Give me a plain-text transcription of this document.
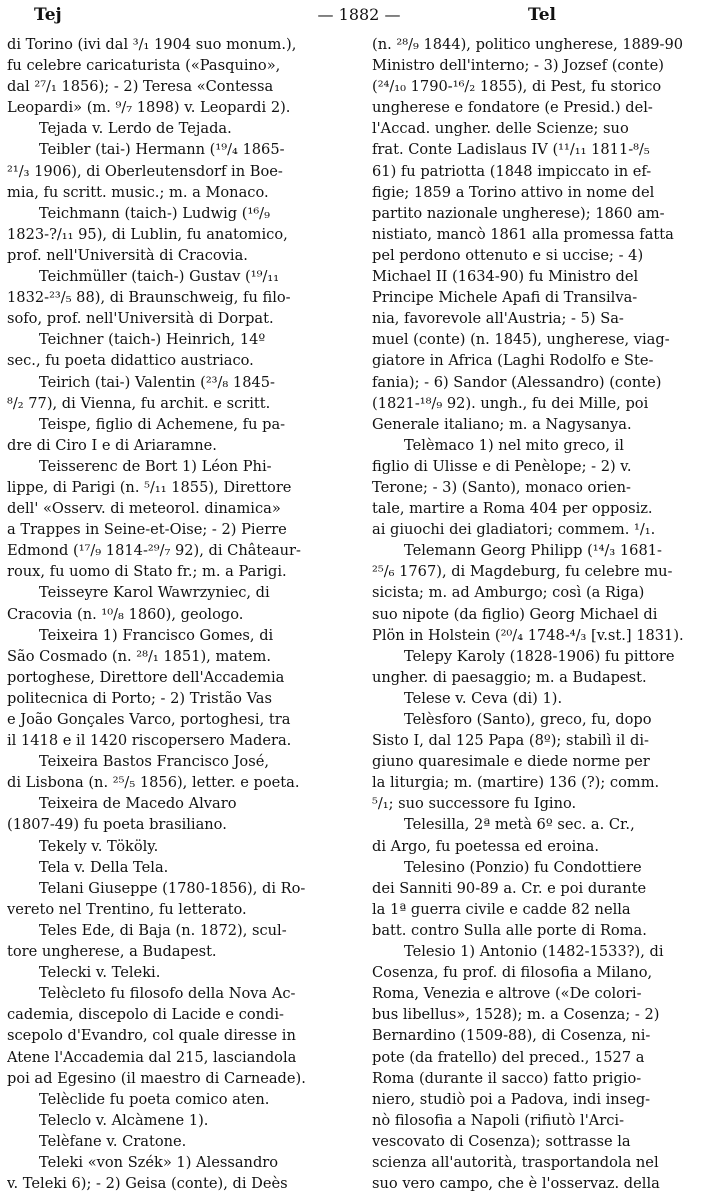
Tej	— 1882 —	Tel
di Torino (ivi dal ³/₁ 1904 suo monum.),
fu celebre caricaturista («Pasquino»,
dal ²⁷/₁ 1856); - 2) Teresa «Contessa
Leopardi» (m. ⁹/₇ 1898) v. Leopardi 2).
Tejada v. Lerdo de Tejada.
Teibler (tai-) Hermann (¹⁹/₄ 1865-
²¹/₃ 1906), di Oberleutensdorf in Boe-
mia, fu scritt. music.; m. a Monaco.
Teichmann (taich-) Ludwig (¹⁶/₉
1823-?/₁₁ 95), di Lublin, fu anatomico,
prof. nell'Università di Cracovia.
Teichmüller (taich-) Gustav (¹⁹/₁₁
1832-²³/₅ 88), di Braunschweig, fu filo-
sofo, prof. nell'Università di Dorpat.
Teichner (taich-) Heinrich, 14º
sec., fu poeta didattico austriaco.
Teirich (tai-) Valentin (²³/₈ 1845-
⁸/₂ 77), di Vienna, fu archit. e scritt.
Teispe, figlio di Achemene, fu pa-
dre di Ciro I e di Ariaramne.
Teisserenc de Bort 1) Léon Phi-
lippe, di Parigi (n. ⁵/₁₁ 1855), Direttore
dell' «Osserv. di meteorol. dinamica»
a Trappes in Seine-et-Oise; - 2) Pierre
Edmond (¹⁷/₉ 1814-²⁹/₇ 92), di Châteaur-
roux, fu uomo di Stato fr.; m. a Parigi.
Teisseyre Karol Wawrzyniec, di
Cracovia (n. ¹⁰/₈ 1860), geologo.
Teixeira 1) Francisco Gomes, di
São Cosmado (n. ²⁸/₁ 1851), matem.
portoghese, Direttore dell'Accademia
politecnica di Porto; - 2) Tristão Vas
e João Gonçales Varco, portoghesi, tra
il 1418 e il 1420 riscopersero Madera.
Teixeira Bastos Francisco José,
di Lisbona (n. ²⁵/₅ 1856), letter. e poeta.
Teixeira de Macedo Alvaro
(1807-49) fu poeta brasiliano.
Tekely v. Tököly.
Tela v. Della Tela.
Telani Giuseppe (1780-1856), di Ro-
vereto nel Trentino, fu letterato.
Teles Ede, di Baja (n. 1872), scul-
tore ungherese, a Budapest.
Telecki v. Teleki.
Telècleto fu filosofo della Nova Ac-
cademia, discepolo di Lacide e condi-
scepolo d'Evandro, col quale diresse in
Atene l'Accademia dal 215, lasciandola
poi ad Egesino (il maestro di Carneade).
Telèclide fu poeta comico aten.
Teleclo v. Alcàmene 1).
Telèfane v. Cratone.
Teleki «von Szék» 1) Alessandro
v. Teleki 6); - 2) Geisa (conte), di Deès
(n. ²⁸/₉ 1844), politico ungherese, 1889-90
Ministro dell'interno; - 3) Jozsef (conte)
(²⁴/₁₀ 1790-¹⁶/₂ 1855), di Pest, fu storico
ungherese e fondatore (e Presid.) del-
l'Accad. ungher. delle Scienze; suo
frat. Conte Ladislaus IV (¹¹/₁₁ 1811-⁸/₅
61) fu patriotta (1848 impiccato in ef-
figie; 1859 a Torino attivo in nome del
partito nazionale ungherese); 1860 am-
nistiato, mancò 1861 alla promessa fatta
pel perdono ottenuto e si uccise; - 4)
Michael II (1634-90) fu Ministro del
Principe Michele Apafi di Transilva-
nia, favorevole all'Austria; - 5) Sa-
muel (conte) (n. 1845), ungherese, viag-
giatore in Africa (Laghi Rodolfo e Ste-
fania); - 6) Sandor (Alessandro) (conte)
(1821-¹⁸/₉ 92). ungh., fu dei Mille, poi
Generale italiano; m. a Nagysanya.
Telèmaco 1) nel mito greco, il
figlio di Ulisse e di Penèlope; - 2) v.
Terone; - 3) (Santo), monaco orien-
tale, martire a Roma 404 per opposiz.
ai giuochi dei gladiatori; commem. ¹/₁.
Telemann Georg Philipp (¹⁴/₃ 1681-
²⁵/₆ 1767), di Magdeburg, fu celebre mu-
sicista; m. ad Amburgo; così (a Riga)
suo nipote (da figlio) Georg Michael di
Plön in Holstein (²⁰/₄ 1748-⁴/₃ [v.st.] 1831).
Telepy Karoly (1828-1906) fu pittore
ungher. di paesaggio; m. a Budapest.
Telese v. Ceva (di) 1).
Telèsforo (Santo), greco, fu, dopo
Sisto I, dal 125 Papa (8º); stabilì il di-
giuno quaresimale e diede norme per
la liturgia; m. (martire) 136 (?); comm.
⁵/₁; suo successore fu Igino.
Telesilla, 2ª metà 6º sec. a. Cr.,
di Argo, fu poetessa ed eroina.
Telesino (Ponzio) fu Condottiere
dei Sanniti 90-89 a. Cr. e poi durante
la 1ª guerra civile e cadde 82 nella
batt. contro Sulla alle porte di Roma.
Telesio 1) Antonio (1482-1533?), di
Cosenza, fu prof. di filosofia a Milano,
Roma, Venezia e altrove («De colori-
bus libellus», 1528); m. a Cosenza; - 2)
Bernardino (1509-88), di Cosenza, ni-
pote (da fratello) del preced., 1527 a
Roma (durante il sacco) fatto prigio-
niero, studiò poi a Padova, indi inseg-
nò filosofia a Napoli (rifiutò l'Arci-
vescovato di Cosenza); sottrasse la
scienza all'autorità, trasportandola nel
suo vero campo, che è l'osservaz. della
